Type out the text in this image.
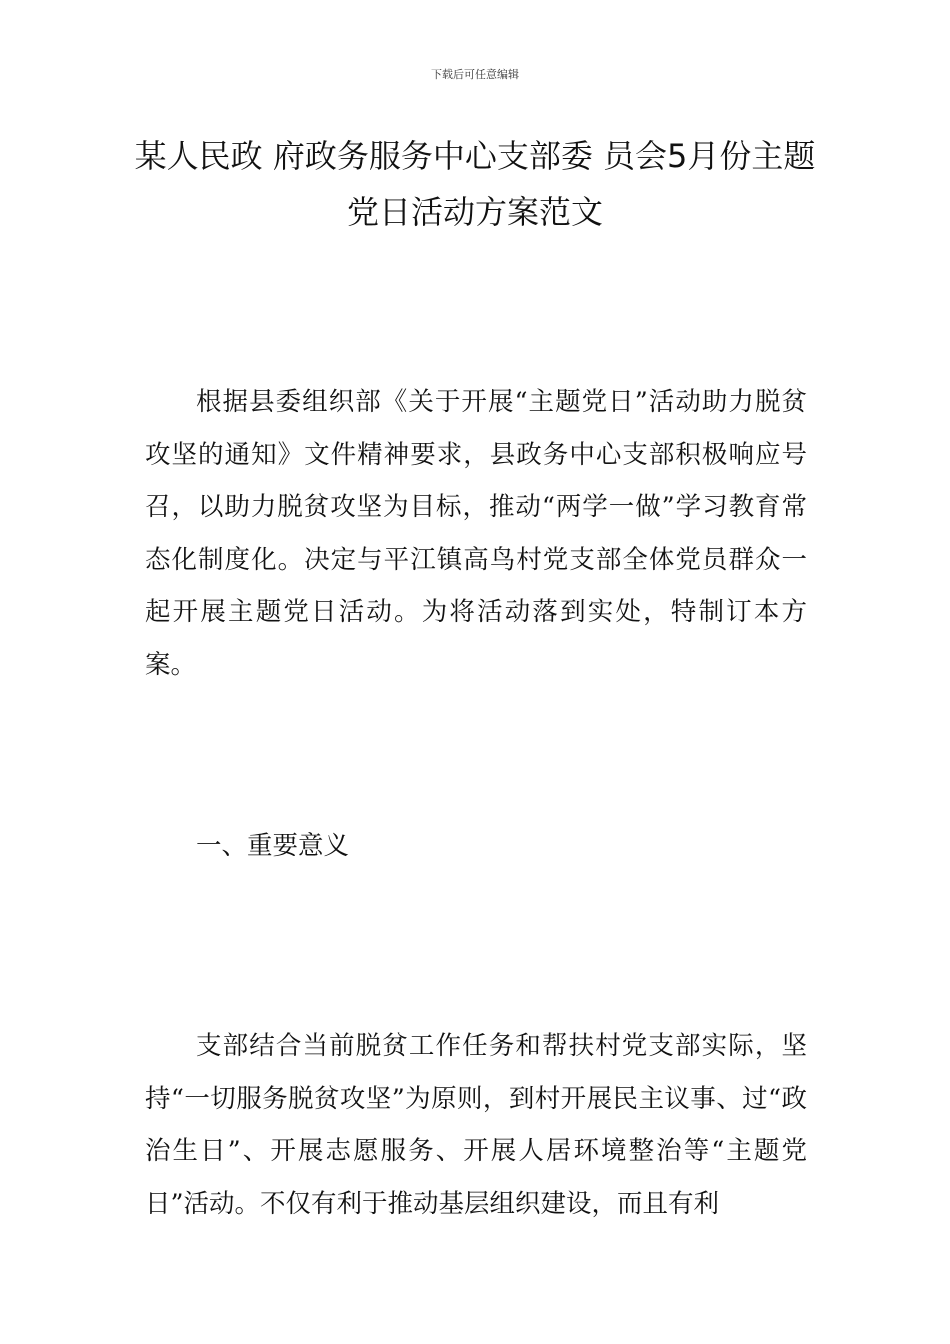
下载后可任意编辑
某人民政 府政务服务中心支部委 员会5月份主题党日活动方案范文

根据县委组织部《关于开展“主题党日”活动助力脱贫攻坚的通知》文件精神要求，县政务中心支部积极响应号召，以助力脱贫攻坚为目标，推动“两学一做”学习教育常态化制度化。决定与平江镇高鸟村党支部全体党员群众一起开展主题党日活动。为将活动落到实处，特制订本方案。

一、重要意义

支部结合当前脱贫工作任务和帮扶村党支部实际，坚持“一切服务脱贫攻坚”为原则，到村开展民主议事、过“政治生日”、开展志愿服务、开展人居环境整治等“主题党日”活动。不仅有利于推动基层组织建设，而且有利
